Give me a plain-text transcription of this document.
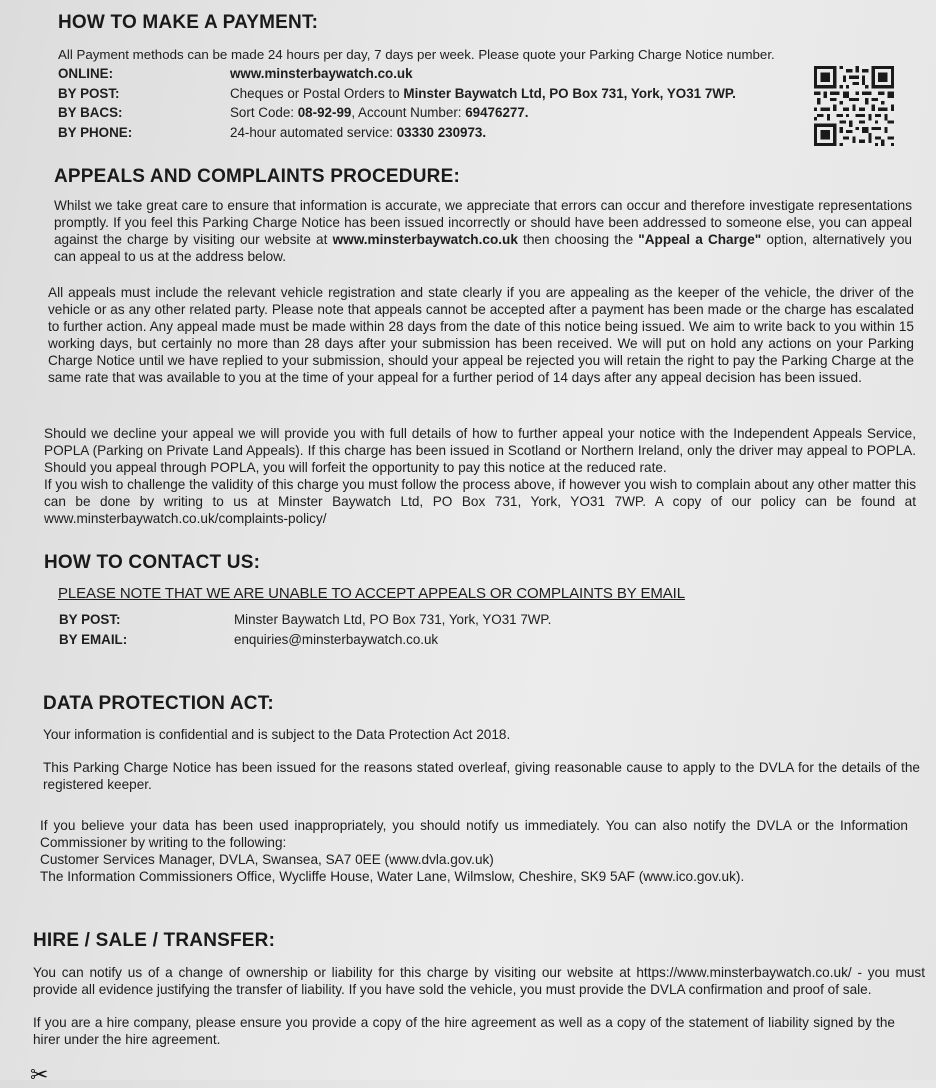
HOW TO MAKE A PAYMENT:

All Payment methods can be made 24 hours per day, 7 days per week. Please quote your Parking Charge Notice number.

ONLINE:	www.minsterbaywatch.co.uk
BY POST:	Cheques or Postal Orders to Minster Baywatch Ltd, PO Box 731, York, YO31 7WP.
BY BACS:	Sort Code: 08-92-99, Account Number: 69476277.
BY PHONE:	24-hour automated service: 03330 230973.
APPEALS AND COMPLAINTS PROCEDURE:

Whilst we take great care to ensure that information is accurate, we appreciate that errors can occur and therefore investigate representations promptly. If you feel this Parking Charge Notice has been issued incorrectly or should have been addressed to someone else, you can appeal against the charge by visiting our website at www.minsterbaywatch.co.uk then choosing the "Appeal a Charge" option, alternatively you can appeal to us at the address below.

All appeals must include the relevant vehicle registration and state clearly if you are appealing as the keeper of the vehicle, the driver of the vehicle or as any other related party. Please note that appeals cannot be accepted after a payment has been made or the charge has escalated to further action. Any appeal made must be made within 28 days from the date of this notice being issued. We aim to write back to you within 15 working days, but certainly no more than 28 days after your submission has been received. We will put on hold any actions on your Parking Charge Notice until we have replied to your submission, should your appeal be rejected you will retain the right to pay the Parking Charge at the same rate that was available to you at the time of your appeal for a further period of 14 days after any appeal decision has been issued.

Should we decline your appeal we will provide you with full details of how to further appeal your notice with the Independent Appeals Service, POPLA (Parking on Private Land Appeals). If this charge has been issued in Scotland or Northern Ireland, only the driver may appeal to POPLA. Should you appeal through POPLA, you will forfeit the opportunity to pay this notice at the reduced rate.

If you wish to challenge the validity of this charge you must follow the process above, if however you wish to complain about any other matter this can be done by writing to us at Minster Baywatch Ltd, PO Box 731, York, YO31 7WP. A copy of our policy can be found at www.minsterbaywatch.co.uk/complaints-policy/

HOW TO CONTACT US:
PLEASE NOTE THAT WE ARE UNABLE TO ACCEPT APPEALS OR COMPLAINTS BY EMAIL
BY POST:	Minster Baywatch Ltd, PO Box 731, York, YO31 7WP.
BY EMAIL:	enquiries@minsterbaywatch.co.uk
DATA PROTECTION ACT:

Your information is confidential and is subject to the Data Protection Act 2018.

This Parking Charge Notice has been issued for the reasons stated overleaf, giving reasonable cause to apply to the DVLA for the details of the registered keeper.

If you believe your data has been used inappropriately, you should notify us immediately. You can also notify the DVLA or the Information Commissioner by writing to the following:

Customer Services Manager, DVLA, Swansea, SA7 0EE (www.dvla.gov.uk)

The Information Commissioners Office, Wycliffe House, Water Lane, Wilmslow, Cheshire, SK9 5AF (www.ico.gov.uk).

HIRE / SALE / TRANSFER:

You can notify us of a change of ownership or liability for this charge by visiting our website at https://www.minsterbaywatch.co.uk/ - you must provide all evidence justifying the transfer of liability. If you have sold the vehicle, you must provide the DVLA confirmation and proof of sale.

If you are a hire company, please ensure you provide a copy of the hire agreement as well as a copy of the statement of liability signed by the hirer under the hire agreement.

✂
